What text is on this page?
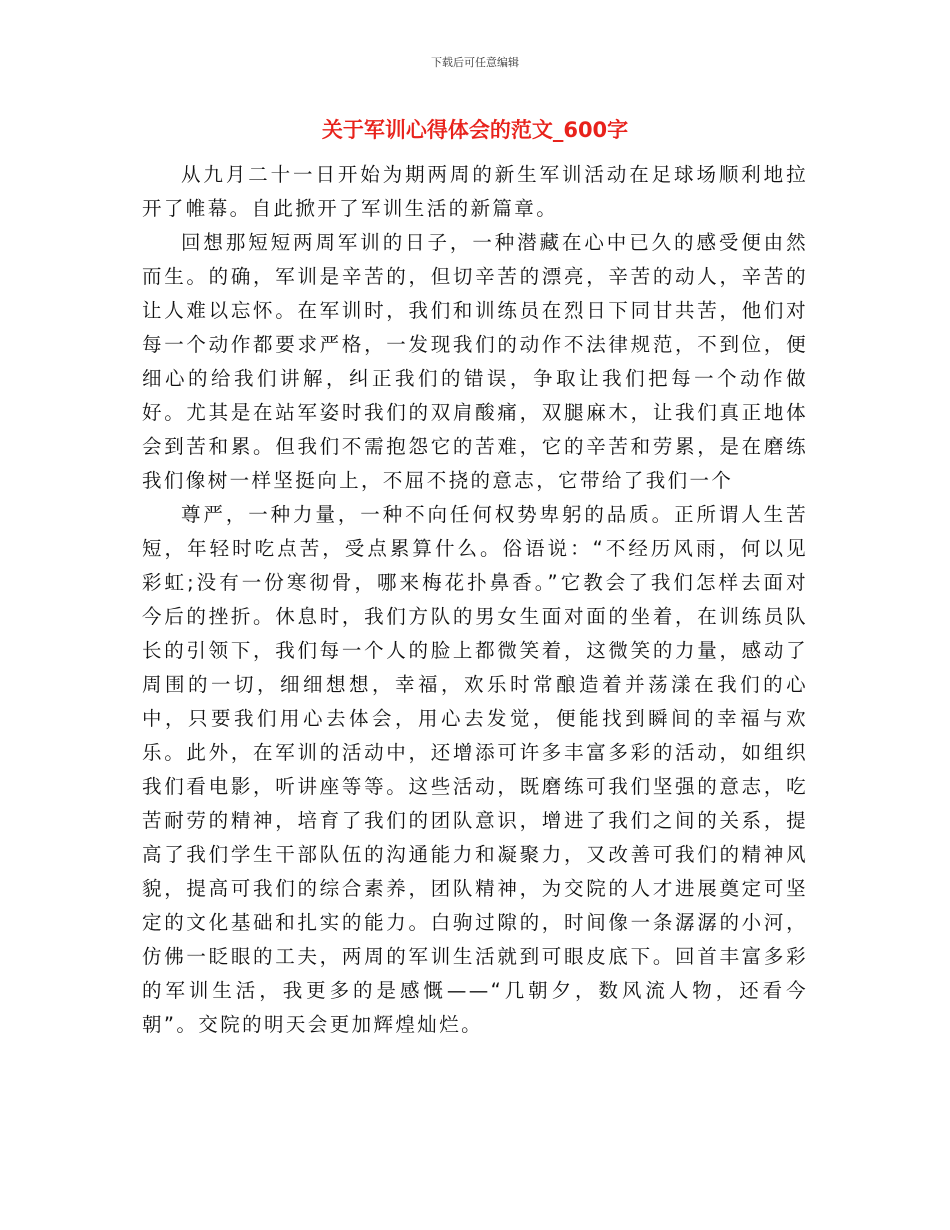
下载后可任意编辑
关于军训心得体会的范文_600字

从九月二十一日开始为期两周的新生军训活动在足球场顺利地拉开了帷幕。自此掀开了军训生活的新篇章。

回想那短短两周军训的日子，一种潜藏在心中已久的感受便由然而生。的确，军训是辛苦的，但切辛苦的漂亮，辛苦的动人，辛苦的让人难以忘怀。在军训时，我们和训练员在烈日下同甘共苦，他们对每一个动作都要求严格，一发现我们的动作不法律规范，不到位，便细心的给我们讲解，纠正我们的错误，争取让我们把每一个动作做好。尤其是在站军姿时我们的双肩酸痛，双腿麻木，让我们真正地体会到苦和累。但我们不需抱怨它的苦难，它的辛苦和劳累，是在磨练我们像树一样坚挺向上，不屈不挠的意志，它带给了我们一个

尊严，一种力量，一种不向任何权势卑躬的品质。正所谓人生苦短，年轻时吃点苦，受点累算什么。俗语说：“不经历风雨，何以见彩虹;没有一份寒彻骨，哪来梅花扑鼻香。”它教会了我们怎样去面对今后的挫折。休息时，我们方队的男女生面对面的坐着，在训练员队长的引领下，我们每一个人的脸上都微笑着，这微笑的力量，感动了周围的一切，细细想想，幸福，欢乐时常酿造着并荡漾在我们的心中，只要我们用心去体会，用心去发觉，便能找到瞬间的幸福与欢乐。此外，在军训的活动中，还增添可许多丰富多彩的活动，如组织我们看电影，听讲座等等。这些活动，既磨练可我们坚强的意志，吃苦耐劳的精神，培育了我们的团队意识，增进了我们之间的关系，提高了我们学生干部队伍的沟通能力和凝聚力，又改善可我们的精神风貌，提高可我们的综合素养，团队精神，为交院的人才进展奠定可坚定的文化基础和扎实的能力。白驹过隙的，时间像一条潺潺的小河，仿佛一眨眼的工夫，两周的军训生活就到可眼皮底下。回首丰富多彩的军训生活，我更多的是感慨——“几朝夕，数风流人物，还看今朝”。交院的明天会更加辉煌灿烂。
